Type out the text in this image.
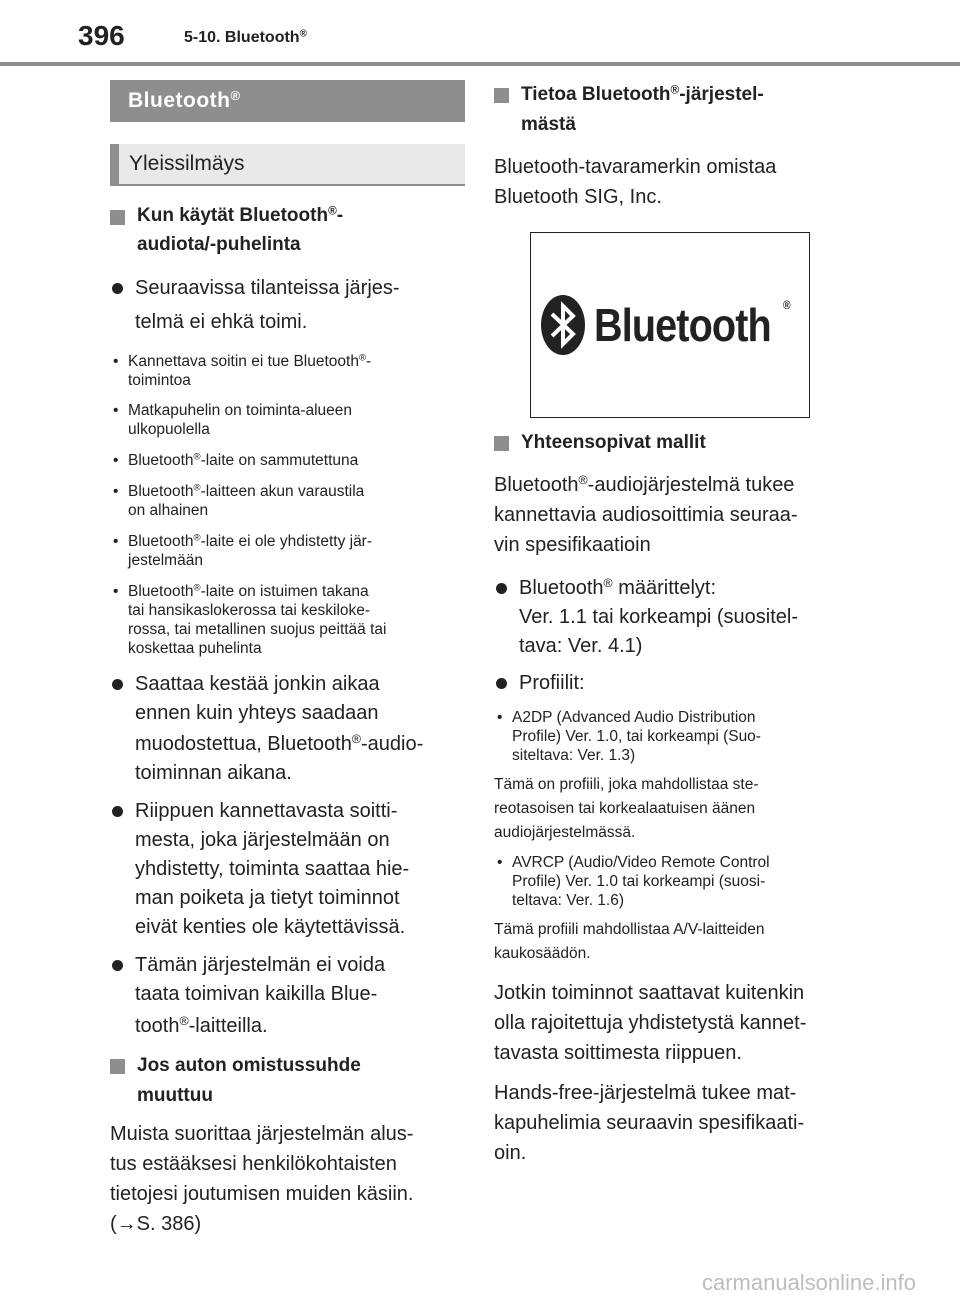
396	5-10. Bluetooth®
Bluetooth®
Yleissilmäys
Kun käytät Bluetooth®-
audiota/-puhelinta
Seuraavissa tilanteissa järjes-
telmä ei ehkä toimi.
• Kannettava soitin ei tue Bluetooth®-
toimintoa
• Matkapuhelin on toiminta-alueen
ulkopuolella
• Bluetooth®-laite on sammutettuna
• Bluetooth®-laitteen akun varaustila
on alhainen
• Bluetooth®-laite ei ole yhdistetty jär-
jestelmään
• Bluetooth®-laite on istuimen takana
tai hansikaslokerossa tai keskiloke-
rossa, tai metallinen suojus peittää tai
koskettaa puhelinta
Saattaa kestää jonkin aikaa
ennen kuin yhteys saadaan
muodostettua, Bluetooth®-audio-
toiminnan aikana.
Riippuen kannettavasta soitti-
mesta, joka järjestelmään on
yhdistetty, toiminta saattaa hie-
man poiketa ja tietyt toiminnot
eivät kenties ole käytettävissä.
Tämän järjestelmän ei voida
taata toimivan kaikilla Blue-
tooth®-laitteilla.
Jos auton omistussuhde
muuttuu
Muista suorittaa järjestelmän alus-
tus estääksesi henkilökohtaisten
tietojesi joutumisen muiden käsiin.
(→S. 386)
Tietoa Bluetooth®-järjestel-
mästä
Bluetooth-tavaramerkin omistaa
Bluetooth SIG, Inc.
Bluetooth ®
Yhteensopivat mallit
Bluetooth®-audiojärjestelmä tukee
kannettavia audiosoittimia seuraa-
vin spesifikaatioin
Bluetooth® määrittelyt:
Ver. 1.1 tai korkeampi (suositel-
tava: Ver. 4.1)
Profiilit:
• A2DP (Advanced Audio Distribution
Profile) Ver. 1.0, tai korkeampi (Suo-
siteltava: Ver. 1.3)
Tämä on profiili, joka mahdollistaa ste-
reotasoisen tai korkealaatuisen äänen
audiojärjestelmässä.
• AVRCP (Audio/Video Remote Control
Profile) Ver. 1.0 tai korkeampi (suosi-
teltava: Ver. 1.6)
Tämä profiili mahdollistaa A/V-laitteiden
kaukosäädön.
Jotkin toiminnot saattavat kuitenkin
olla rajoitettuja yhdistetystä kannet-
tavasta soittimesta riippuen.
Hands-free-järjestelmä tukee mat-
kapuhelimia seuraavin spesifikaati-
oin.
carmanualsonline.info
